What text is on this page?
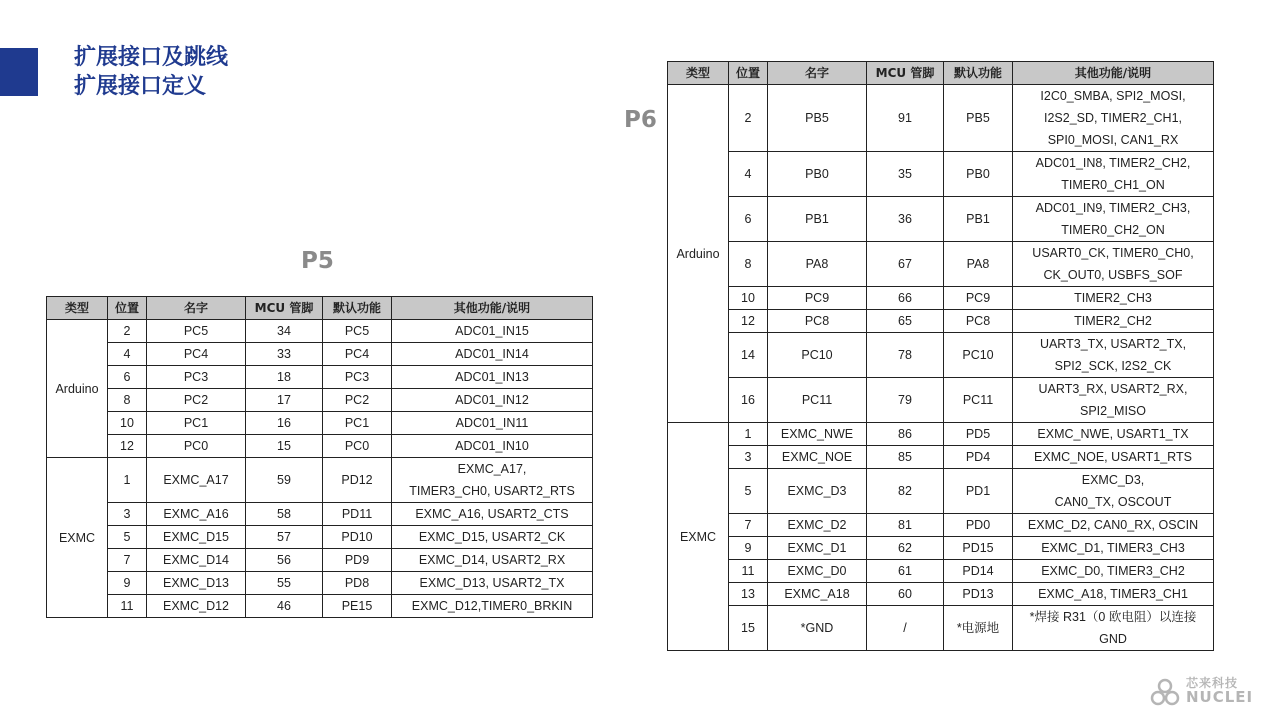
扩展接口及跳线
扩展接口定义
P5
P6
类型	位置	名字	MCU 管脚	默认功能	其他功能/说明
Arduino	2	PC5	34	PC5	ADC01_IN15
	4	PC4	33	PC4	ADC01_IN14
	6	PC3	18	PC3	ADC01_IN13
	8	PC2	17	PC2	ADC01_IN12
	10	PC1	16	PC1	ADC01_IN11
	12	PC0	15	PC0	ADC01_IN10
EXMC	1	EXMC_A17	59	PD12	EXMC_A17,
TIMER3_CH0, USART2_RTS
	3	EXMC_A16	58	PD11	EXMC_A16, USART2_CTS
	5	EXMC_D15	57	PD10	EXMC_D15, USART2_CK
	7	EXMC_D14	56	PD9	EXMC_D14, USART2_RX
	9	EXMC_D13	55	PD8	EXMC_D13, USART2_TX
	11	EXMC_D12	46	PE15	EXMC_D12,TIMER0_BRKIN
类型	位置	名字	MCU 管脚	默认功能	其他功能/说明
Arduino	2	PB5	91	PB5	I2C0_SMBA, SPI2_MOSI,
I2S2_SD, TIMER2_CH1,
SPI0_MOSI, CAN1_RX
	4	PB0	35	PB0	ADC01_IN8, TIMER2_CH2,
TIMER0_CH1_ON
	6	PB1	36	PB1	ADC01_IN9, TIMER2_CH3,
TIMER0_CH2_ON
	8	PA8	67	PA8	USART0_CK, TIMER0_CH0,
CK_OUT0, USBFS_SOF
	10	PC9	66	PC9	TIMER2_CH3
	12	PC8	65	PC8	TIMER2_CH2
	14	PC10	78	PC10	UART3_TX, USART2_TX,
SPI2_SCK, I2S2_CK
	16	PC11	79	PC11	UART3_RX, USART2_RX,
SPI2_MISO
EXMC	1	EXMC_NWE	86	PD5	EXMC_NWE, USART1_TX
	3	EXMC_NOE	85	PD4	EXMC_NOE, USART1_RTS
	5	EXMC_D3	82	PD1	EXMC_D3,
CAN0_TX, OSCOUT
	7	EXMC_D2	81	PD0	EXMC_D2, CAN0_RX, OSCIN
	9	EXMC_D1	62	PD15	EXMC_D1, TIMER3_CH3
	11	EXMC_D0	61	PD14	EXMC_D0, TIMER3_CH2
	13	EXMC_A18	60	PD13	EXMC_A18, TIMER3_CH1
	15	*GND	/	*电源地	*焊接 R31（0 欧电阻）以连接
GND
芯来科技
NUCLEI
